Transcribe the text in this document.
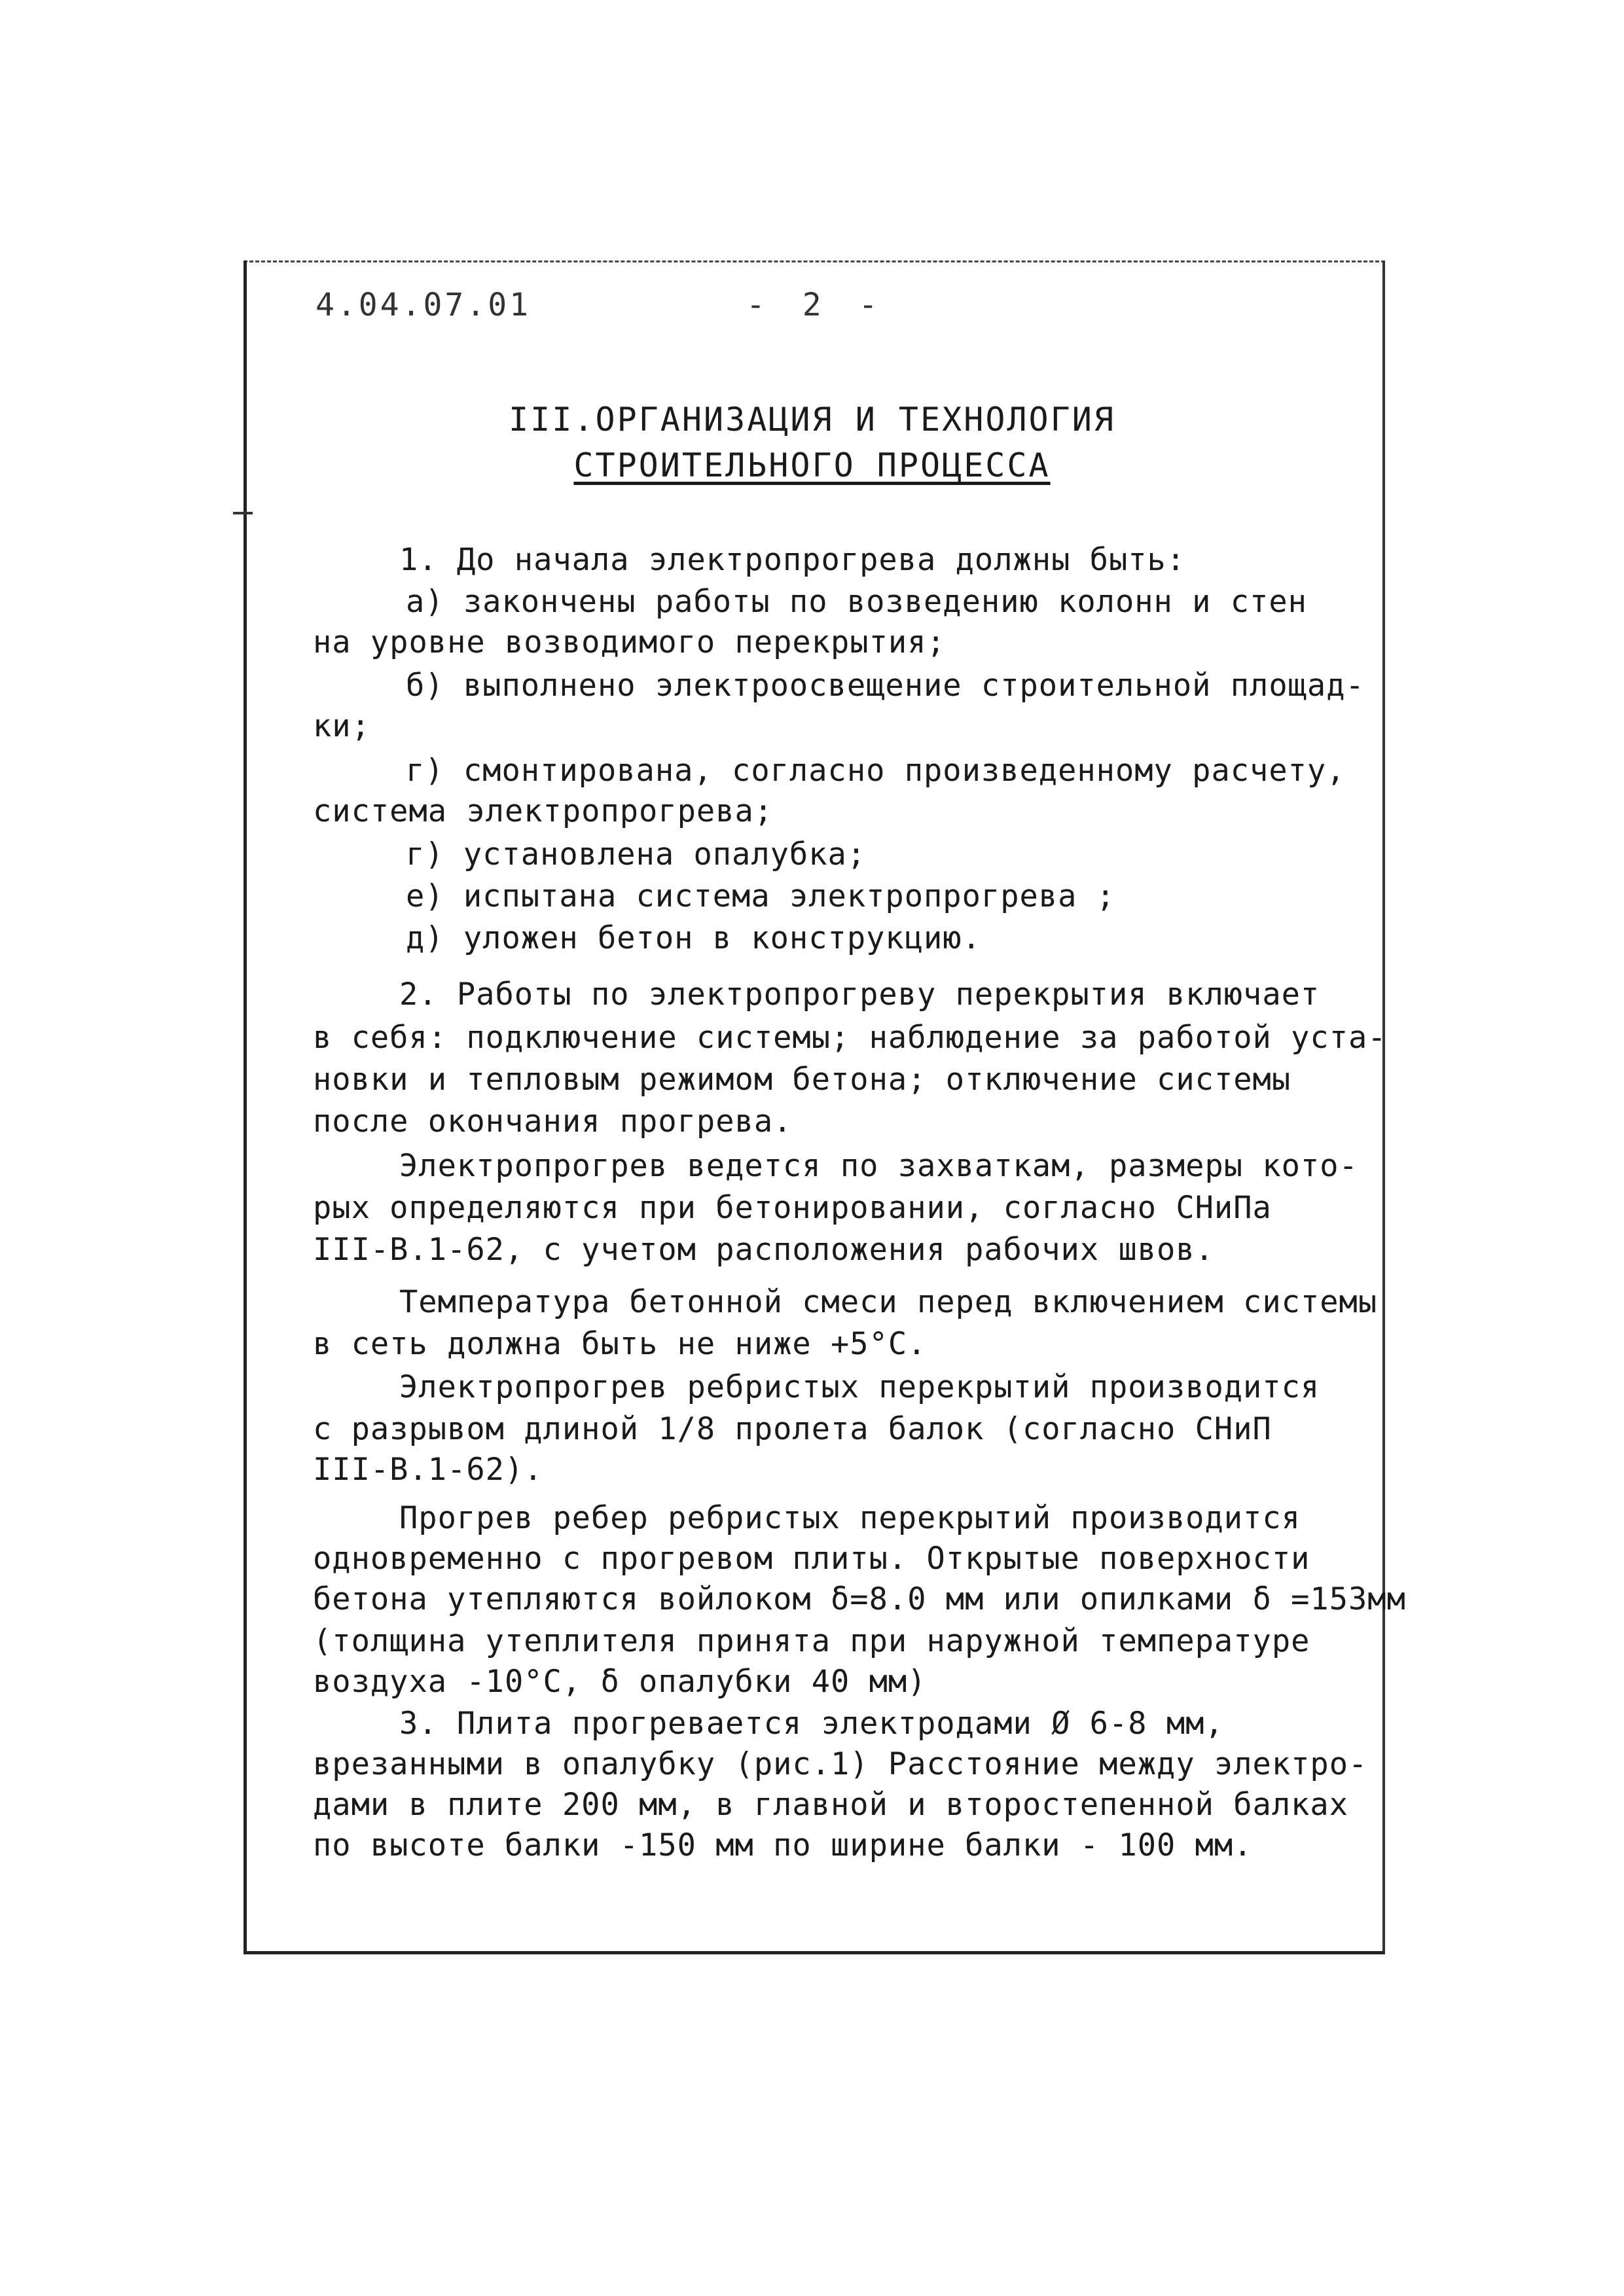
4.04.07.01	- 2 -
III.ОРГАНИЗАЦИЯ И ТЕХНОЛОГИЯ
СТРОИТЕЛЬНОГО ПРОЦЕССА
1. До начала электропрогрева должны быть:
а) закончены работы по возведению колонн и стен
на уровне возводимого перекрытия;
б) выполнено электроосвещение строительной площад-
ки;
г) смонтирована, согласно произведенному расчету,
система электропрогрева;
г) установлена опалубка;
е) испытана система электропрогрева ;
д) уложен бетон в конструкцию.
2. Работы по электропрогреву перекрытия включает
в себя: подключение системы; наблюдение за работой уста-
новки и тепловым режимом бетона; отключение системы
после окончания прогрева.
Электропрогрев ведется по захваткам, размеры кото-
рых определяются при бетонировании, согласно СНиПа
III-В.1-62, с учетом расположения рабочих швов.
Температура бетонной смеси перед включением системы
в сеть должна быть не ниже +5°С.
Электропрогрев ребристых перекрытий производится
с разрывом длиной 1/8 пролета балок (согласно СНиП
III-В.1-62).
Прогрев ребер ребристых перекрытий производится
одновременно с прогревом плиты. Открытые поверхности
бетона утепляются войлоком δ=8.0 мм или опилками δ =153мм
(толщина утеплителя принята при наружной температуре
воздуха -10°С, δ опалубки 40 мм)
3. Плита прогревается электродами Ø 6-8 мм,
врезанными в опалубку (рис.1) Расстояние между электро-
дами в плите 200 мм, в главной и второстепенной балках
по высоте балки -150 мм по ширине балки - 100 мм.
